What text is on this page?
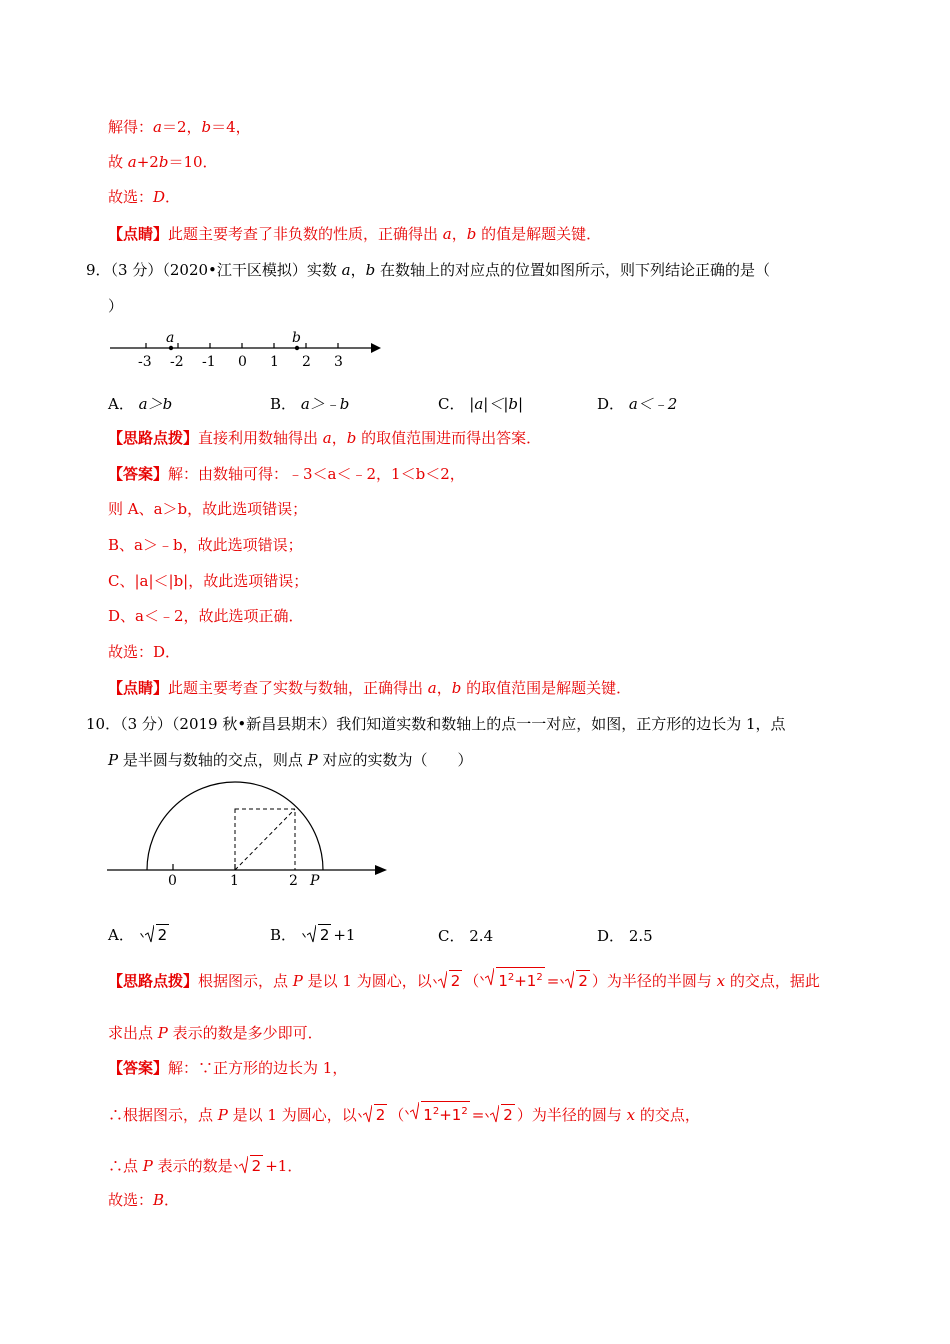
解得：a＝2，b＝4，
故 a+2b＝10．
故选：D．
【点睛】此题主要考查了非负数的性质，正确得出 a，b 的值是解题关键．
9．（3 分）（2020•江干区模拟）实数 a，b 在数轴上的对应点的位置如图所示，则下列结论正确的是（
）
-3 -2 -1 0 1 2 3
a	b
A． a＞b	B． a＞﹣b	C． |a|＜|b|	D． a＜﹣2
【思路点拨】直接利用数轴得出 a，b 的取值范围进而得出答案．
【答案】解：由数轴可得：﹣3＜a＜﹣2，1＜b＜2，
则 A、a＞b，故此选项错误；
B、a＞﹣b，故此选项错误；
C、|a|＜|b|，故此选项错误；
D、a＜﹣2，故此选项正确．
故选：D．
【点睛】此题主要考查了实数与数轴，正确得出 a，b 的取值范围是解题关键．
10．（3 分）（2019 秋•新昌县期末）我们知道实数和数轴上的点一一对应，如图，正方形的边长为 1，点
P 是半圆与数轴的交点，则点 P 对应的实数为（　　）
0	1	2 P
A． 2	B． 2 +1	C． 2.4	D． 2.5
【思路点拨】根据图示，点 P 是以 1 为圆心，以 2 （ $1^2+1^2 = 2$ ）为半径的半圆与 x 的交点，据此
求出点 P 表示的数是多少即可．
【答案】解：∵正方形的边长为 1，
∴根据图示，点 P 是以 1 为圆心，以 2 （ $1^2+1^2 = 2$ ）为半径的圆与 x 的交点，
∴点 P 表示的数是 2 +1．
故选：B．
